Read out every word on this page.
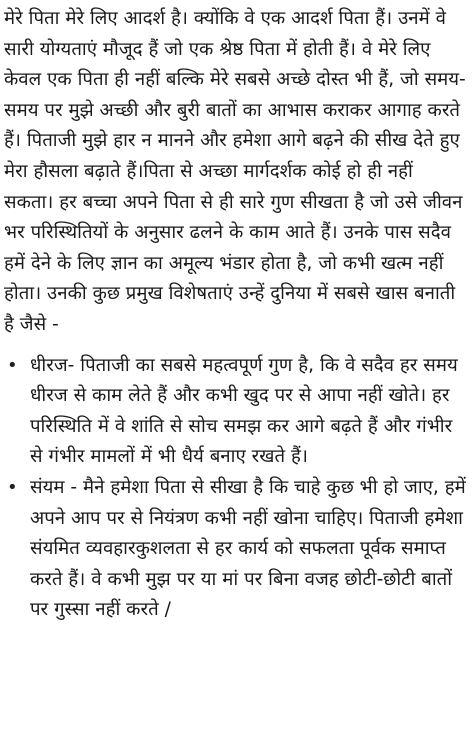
मेरे पिता मेरे लिए आदर्श है। क्योंकि वे एक आदर्श पिता हैं। उनमें वे सारी योग्यताएं मौजूद हैं जो एक श्रेष्ठ पिता में होती हैं। वे मेरे लिए केवल एक पिता ही नहीं बल्कि मेरे सबसे अच्छे दोस्त भी हैं, जो समय-समय पर मुझे अच्छी और बुरी बातों का आभास कराकर आगाह करते हैं। पिताजी मुझे हार न मानने और हमेशा आगे बढ़ने की सीख देते हुए मेरा हौसला बढ़ाते हैं।पिता से अच्छा मार्गदर्शक कोई हो ही नहीं सकता। हर बच्चा अपने पिता से ही सारे गुण सीखता है जो उसे जीवन भर परिस्थितियों के अनुसार ढलने के काम आते हैं। उनके पास सदैव हमें देने के लिए ज्ञान का अमूल्य भंडार होता है, जो कभी खत्म नहीं होता। उनकी कुछ प्रमुख विशेषताएं उन्हें दुनिया में सबसे खास बनाती है जैसे -

• धीरज- पिताजी का सबसे महत्वपूर्ण गुण है, कि वे सदैव हर समय धीरज से काम लेते हैं और कभी खुद पर से आपा नहीं खोते। हर परिस्थिति में वे शांति से सोच समझ कर आगे बढ़ते हैं और गंभीर से गंभीर मामलों में भी धैर्य बनाए रखते हैं।
• संयम - मैने हमेशा पिता से सीखा है कि चाहे कुछ भी हो जाए, हमें अपने आप पर से नियंत्रण कभी नहीं खोना चाहिए। पिताजी हमेशा संयमित व्यवहारकुशलता से हर कार्य को सफलता पूर्वक समाप्त करते हैं। वे कभी मुझ पर या मां पर बिना वजह छोटी-छोटी बातों पर गुस्सा नहीं करते /
